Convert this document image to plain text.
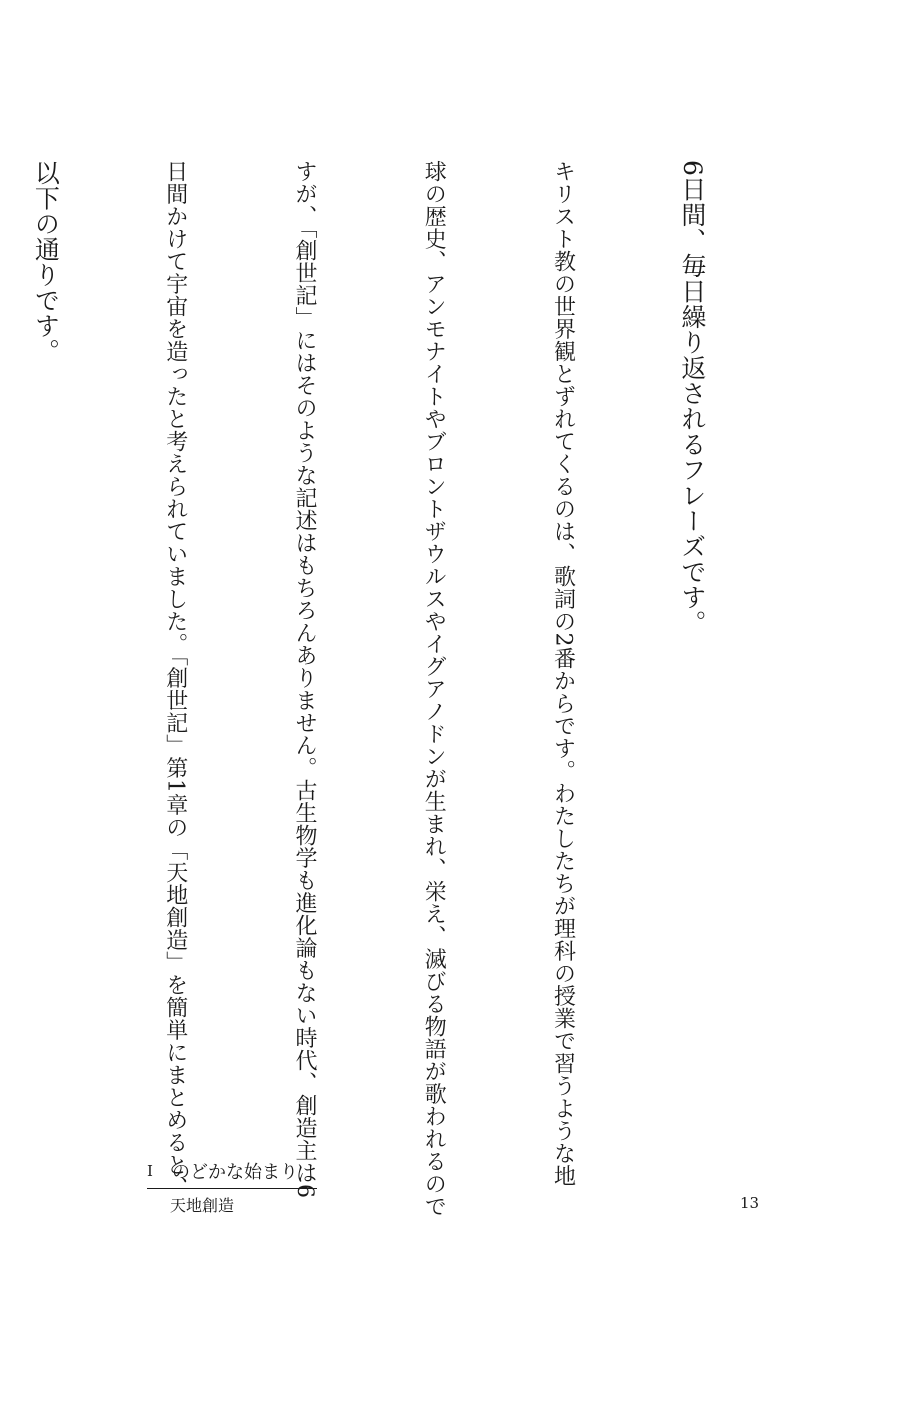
6日間、毎日繰り返されるフレーズです。

キリスト教の世界観とずれてくるのは、歌詞の2番からです。わたしたちが理科の授業で習うような地

球の歴史、アンモナイトやブロントザウルスやイグアノドンが生まれ、栄え、滅びる物語が歌われるので

すが、「創世記」にはそのような記述はもちろんありません。古生物学も進化論もない時代、創造主は6

日間かけて宇宙を造ったと考えられていました。「創世記」第1章の「天地創造」を簡単にまとめると、

以下の通りです。

I のどかな始まり
天地創造	13
